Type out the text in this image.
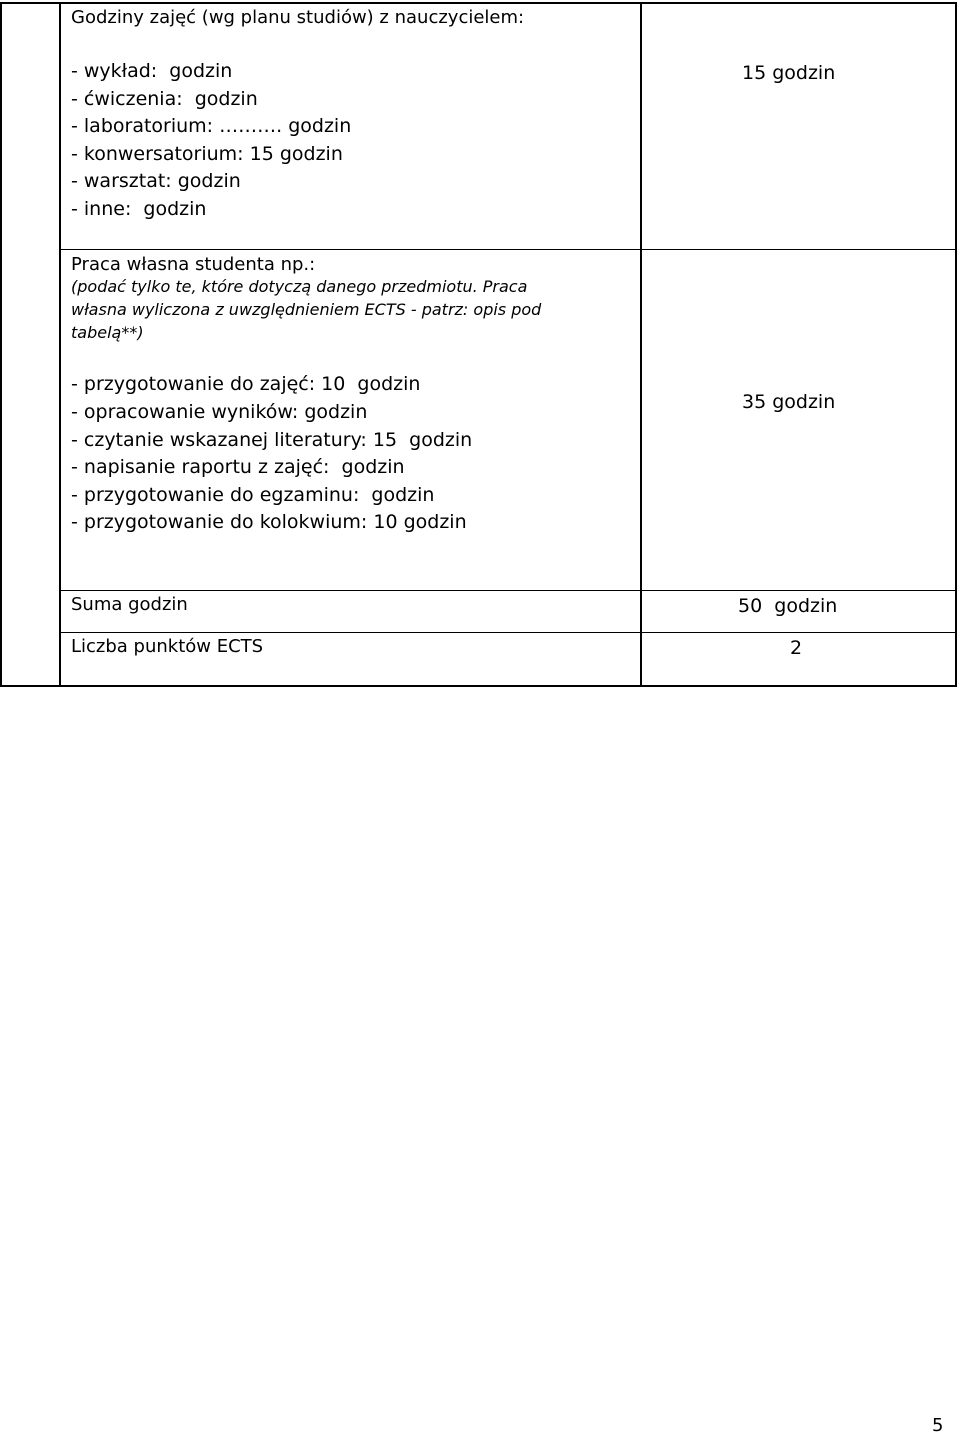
Godziny zajęć (wg planu studiów) z nauczycielem:
- wykład:  godzin
- ćwiczenia:  godzin
- laboratorium: ………. godzin
- konwersatorium: 15 godzin
- warsztat: godzin
- inne:  godzin
15 godzin
Praca własna studenta np.:
(podać tylko te, które dotyczą danego przedmiotu. Praca
własna wyliczona z uwzględnieniem ECTS - patrz: opis pod
tabelą**)
- przygotowanie do zajęć: 10  godzin
- opracowanie wyników: godzin
- czytanie wskazanej literatury: 15  godzin
- napisanie raportu z zajęć:  godzin
- przygotowanie do egzaminu:  godzin
- przygotowanie do kolokwium: 10 godzin
35 godzin
Suma godzin	50  godzin
Liczba punktów ECTS	2
5
